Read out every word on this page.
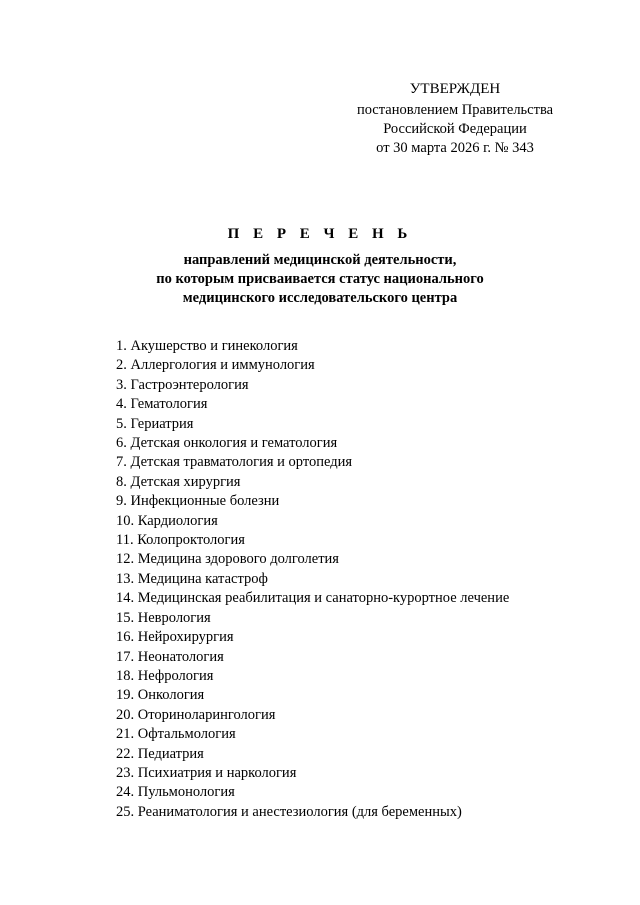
УТВЕРЖДЕН
постановлением Правительства
Российской Федерации
от 30 марта 2026 г. № 343
П Е Р Е Ч Е Н Ь
направлений медицинской деятельности,
по которым присваивается статус национального
медицинского исследовательского центра
1. Акушерство и гинекология
2. Аллергология и иммунология
3. Гастроэнтерология
4. Гематология
5. Гериатрия
6. Детская онкология и гематология
7. Детская травматология и ортопедия
8. Детская хирургия
9. Инфекционные болезни
10. Кардиология
11. Колопроктология
12. Медицина здорового долголетия
13. Медицина катастроф
14. Медицинская реабилитация и санаторно-курортное лечение
15. Неврология
16. Нейрохирургия
17. Неонатология
18. Нефрология
19. Онкология
20. Оториноларингология
21. Офтальмология
22. Педиатрия
23. Психиатрия и наркология
24. Пульмонология
25. Реаниматология и анестезиология (для беременных)
